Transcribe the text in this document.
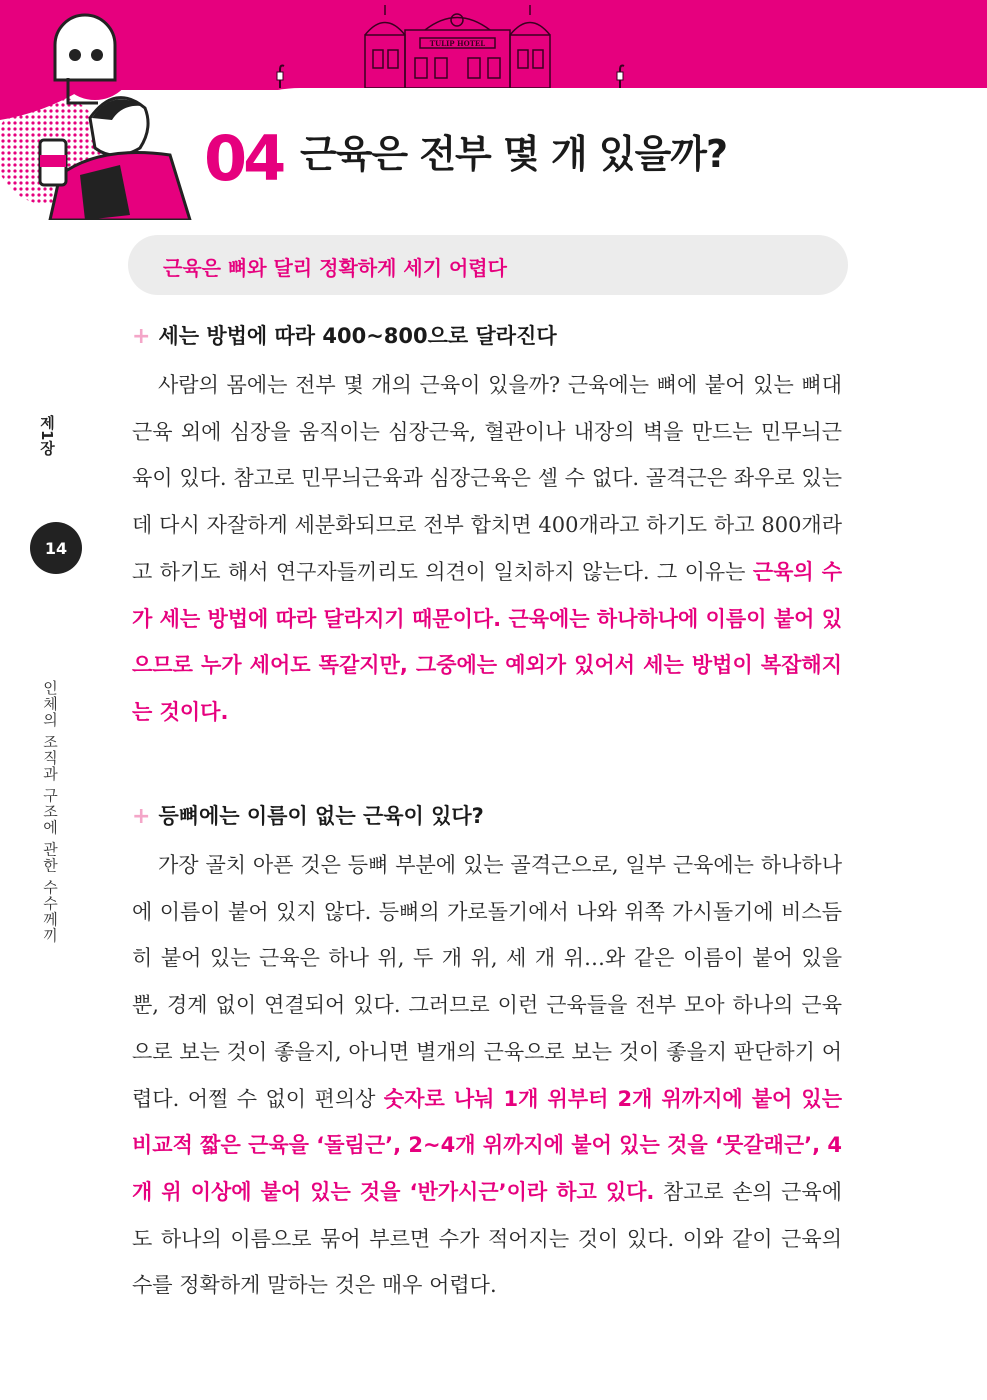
TULIP HOTEL
04 근육은 전부 몇 개 있을까?
근육은 뼈와 달리 정확하게 세기 어렵다
제1장
14
인체의 조직과 구조에 관한 수수께끼
+ 세는 방법에 따라 400~800으로 달라진다

사람의 몸에는 전부 몇 개의 근육이 있을까? 근육에는 뼈에 붙어 있는 뼈대근육 외에 심장을 움직이는 심장근육, 혈관이나 내장의 벽을 만드는 민무늬근육이 있다. 참고로 민무늬근육과 심장근육은 셀 수 없다. 골격근은 좌우로 있는데 다시 자잘하게 세분화되므로 전부 합치면 400개라고 하기도 하고 800개라고 하기도 해서 연구자들끼리도 의견이 일치하지 않는다. 그 이유는 근육의 수가 세는 방법에 따라 달라지기 때문이다. 근육에는 하나하나에 이름이 붙어 있으므로 누가 세어도 똑같지만, 그중에는 예외가 있어서 세는 방법이 복잡해지는 것이다.

+ 등뼈에는 이름이 없는 근육이 있다?

가장 골치 아픈 것은 등뼈 부분에 있는 골격근으로, 일부 근육에는 하나하나에 이름이 붙어 있지 않다. 등뼈의 가로돌기에서 나와 위쪽 가시돌기에 비스듬히 붙어 있는 근육은 하나 위, 두 개 위, 세 개 위…와 같은 이름이 붙어 있을 뿐, 경계 없이 연결되어 있다. 그러므로 이런 근육들을 전부 모아 하나의 근육으로 보는 것이 좋을지, 아니면 별개의 근육으로 보는 것이 좋을지 판단하기 어렵다. 어쩔 수 없이 편의상 숫자로 나눠 1개 위부터 2개 위까지에 붙어 있는 비교적 짧은 근육을 ‘돌림근’, 2~4개 위까지에 붙어 있는 것을 ‘뭇갈래근’, 4개 위 이상에 붙어 있는 것을 ‘반가시근’이라 하고 있다. 참고로 손의 근육에도 하나의 이름으로 묶어 부르면 수가 적어지는 것이 있다. 이와 같이 근육의 수를 정확하게 말하는 것은 매우 어렵다.
